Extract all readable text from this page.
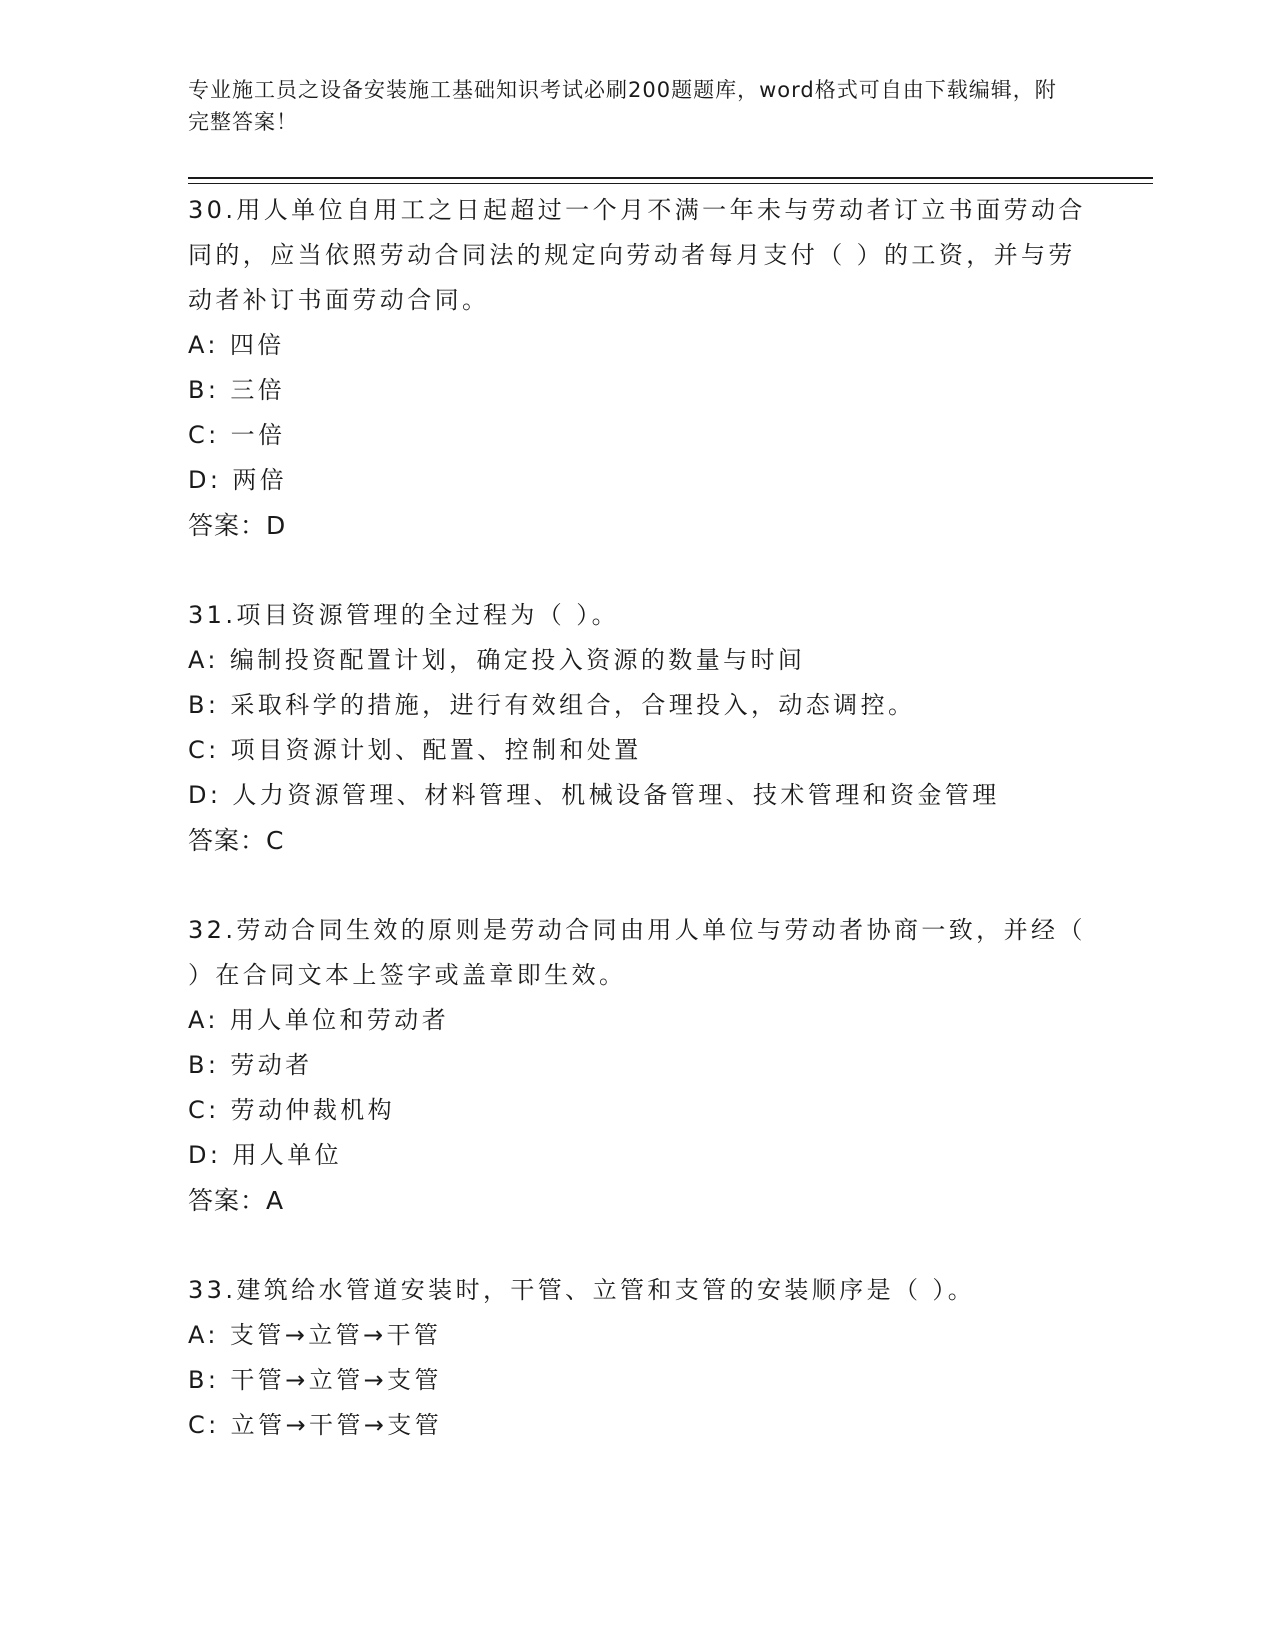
专业施工员之设备安装施工基础知识考试必刷200题题库，word格式可自由下载编辑，附完整答案！

30.用人单位自用工之日起超过一个月不满一年未与劳动者订立书面劳动合同的，应当依照劳动合同法的规定向劳动者每月支付（ ）的工资，并与劳动者补订书面劳动合同。

A: 四倍
B: 三倍
C: 一倍
D: 两倍
答案：D

31.项目资源管理的全过程为（ ）。

A: 编制投资配置计划，确定投入资源的数量与时间
B: 采取科学的措施，进行有效组合，合理投入，动态调控。
C: 项目资源计划、配置、控制和处置
D: 人力资源管理、材料管理、机械设备管理、技术管理和资金管理
答案：C

32.劳动合同生效的原则是劳动合同由用人单位与劳动者协商一致，并经（ ）在合同文本上签字或盖章即生效。

A: 用人单位和劳动者
B: 劳动者
C: 劳动仲裁机构
D: 用人单位
答案：A

33.建筑给水管道安装时，干管、立管和支管的安装顺序是（ ）。

A: 支管→立管→干管
B: 干管→立管→支管
C: 立管→干管→支管
